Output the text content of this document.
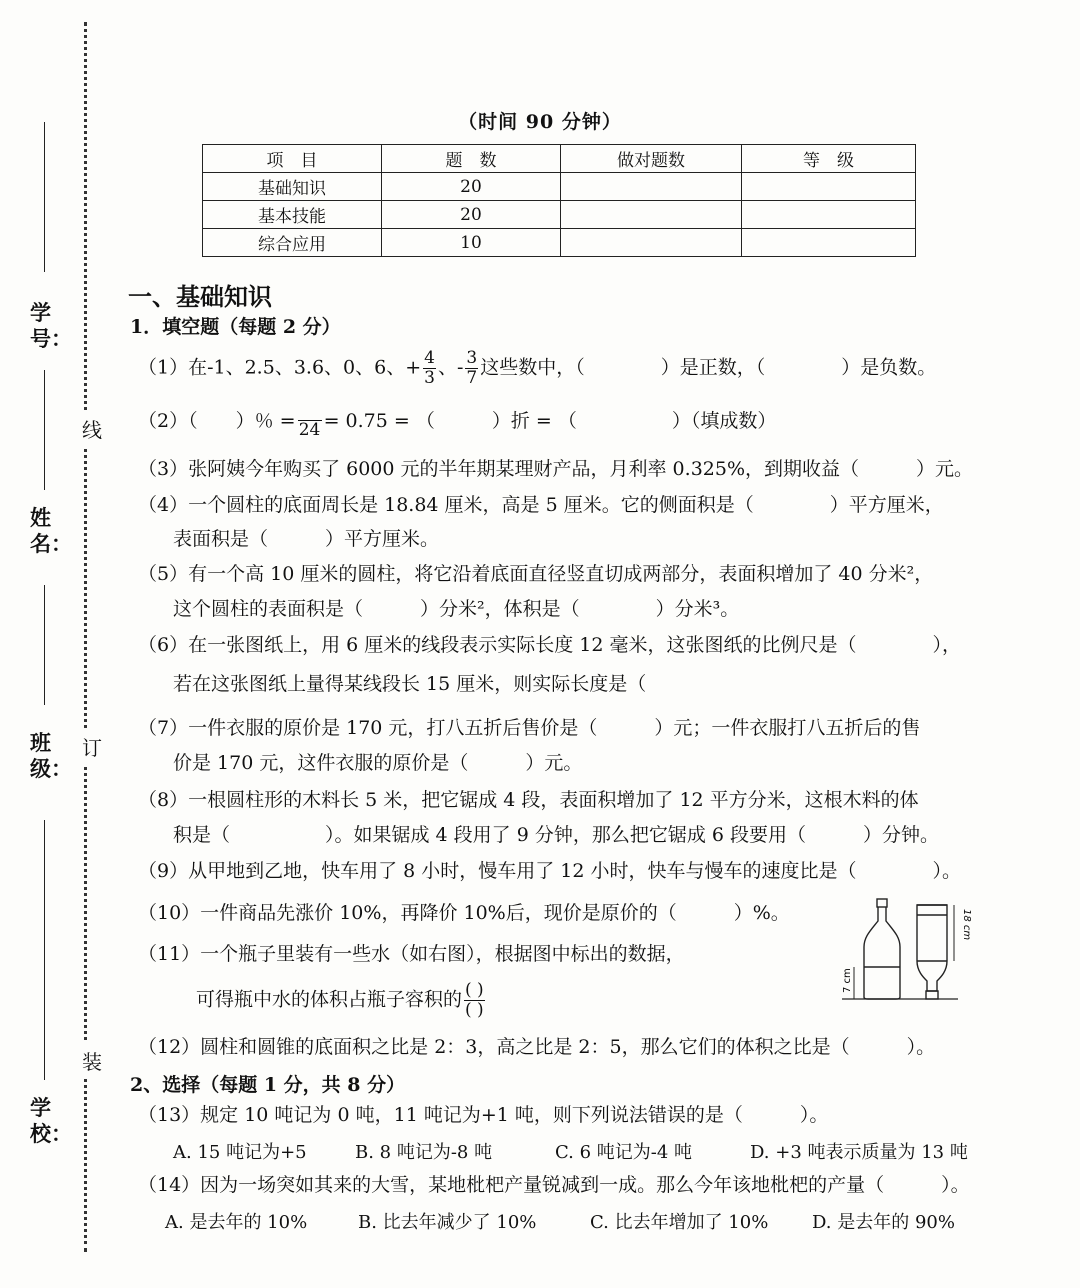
学号：
姓名：
班级：
学校：
线
订
装
（时间 90 分钟）
项　目	题　数	做对题数	等　级
基础知识	20		
基本技能	20		
综合应用	10		
一、基础知识
1．填空题（每题 2 分）
（1）在-1、2.5、3.6、0、6、+ $\frac{4}{3}$ 、- $\frac{3}{7}$ 这些数中，（　　　　）是正数，（　　　　）是负数。
（2）（　　）％ = 24 = 0.75 = （　　　）折 = （　　　　　）（填成数）
（3）张阿姨今年购买了 6000 元的半年期某理财产品，月利率 0.325%，到期收益（　　　）元。
（4）一个圆柱的底面周长是 18.84 厘米，高是 5 厘米。它的侧面积是（　　　　）平方厘米，
表面积是（　　　）平方厘米。
（5）有一个高 10 厘米的圆柱，将它沿着底面直径竖直切成两部分，表面积增加了 40 分米²，
这个圆柱的表面积是（　　　）分米²，体积是（　　　　）分米³。
（6）在一张图纸上，用 6 厘米的线段表示实际长度 12 毫米，这张图纸的比例尺是（　　　　），
若在这张图纸上量得某线段长 15 厘米，则实际长度是（
（7）一件衣服的原价是 170 元，打八五折后售价是（　　　）元；一件衣服打八五折后的售
价是 170 元，这件衣服的原价是（　　　）元。
（8）一根圆柱形的木料长 5 米，把它锯成 4 段，表面积增加了 12 平方分米，这根木料的体
积是（　　　　　）。如果锯成 4 段用了 9 分钟，那么把它锯成 6 段要用（　　　）分钟。
（9）从甲地到乙地，快车用了 8 小时，慢车用了 12 小时，快车与慢车的速度比是（　　　　）。
（10）一件商品先涨价 10%，再降价 10%后，现价是原价的（　　　）%。
（11）一个瓶子里装有一些水（如右图），根据图中标出的数据，
可得瓶中水的体积占瓶子容积的 $\frac{( )}{( )}$
7 cm
18 cm
（12）圆柱和圆锥的底面积之比是 2：3，高之比是 2：5，那么它们的体积之比是（　　　）。
2、选择（每题 1 分，共 8 分）
（13）规定 10 吨记为 0 吨，11 吨记为+1 吨，则下列说法错误的是（　　　）。
A. 15 吨记为+5	B. 8 吨记为-8 吨	C. 6 吨记为-4 吨	D. +3 吨表示质量为 13 吨
（14）因为一场突如其来的大雪，某地枇杷产量锐减到一成。那么今年该地枇杷的产量（　　　）。
A. 是去年的 10%	B. 比去年减少了 10%	C. 比去年增加了 10% D. 是去年的 90%
